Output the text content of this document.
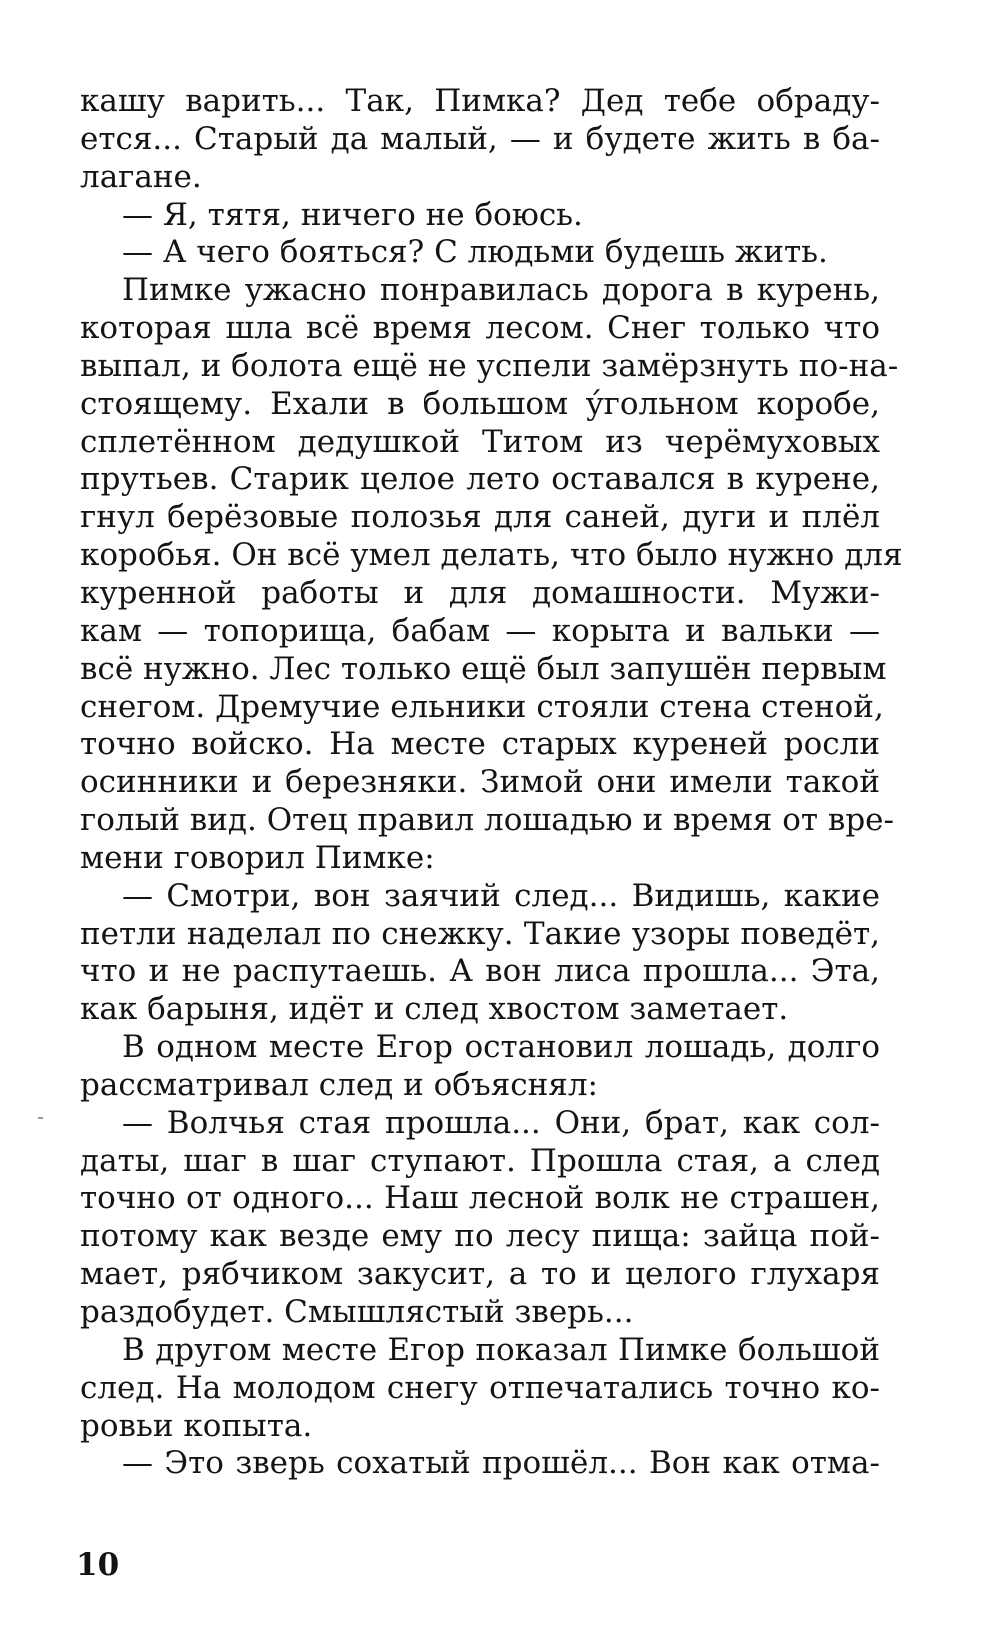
кашу варить... Так, Пимка? Дед тебе обраду-
ется... Старый да малый, — и будете жить в ба-
лагане.
— Я, тятя, ничего не боюсь.
— А чего бояться? С людьми будешь жить.
Пимке ужасно понравилась дорога в курень,
которая шла всё время лесом. Снег только что
выпал, и болота ещё не успели замёрзнуть по-на-
стоящему. Ехали в большом ýгольном коробе,
сплетённом дедушкой Титом из черёмуховых
прутьев. Старик целое лето оставался в курене,
гнул берёзовые полозья для саней, дуги и плёл
коробья. Он всё умел делать, что было нужно для
куренной работы и для домашности. Мужи-
кам — топорища, бабам — корыта и вальки —
всё нужно. Лес только ещё был запушён первым
снегом. Дремучие ельники стояли стена стеной,
точно войско. На месте старых куреней росли
осинники и березняки. Зимой они имели такой
голый вид. Отец правил лошадью и время от вре-
мени говорил Пимке:
— Смотри, вон заячий след... Видишь, какие
петли наделал по снежку. Такие узоры поведёт,
что и не распутаешь. А вон лиса прошла... Эта,
как барыня, идёт и след хвостом заметает.
В одном месте Егор остановил лошадь, долго
рассматривал след и объяснял:
— Волчья стая прошла... Они, брат, как сол-
даты, шаг в шаг ступают. Прошла стая, а след
точно от одного... Наш лесной волк не страшен,
потому как везде ему по лесу пища: зайца пой-
мает, рябчиком закусит, а то и целого глухаря
раздобудет. Смышлястый зверь...
В другом месте Егор показал Пимке большой
след. На молодом снегу отпечатались точно ко-
ровьи копыта.
— Это зверь сохатый прошёл... Вон как отма-
10
